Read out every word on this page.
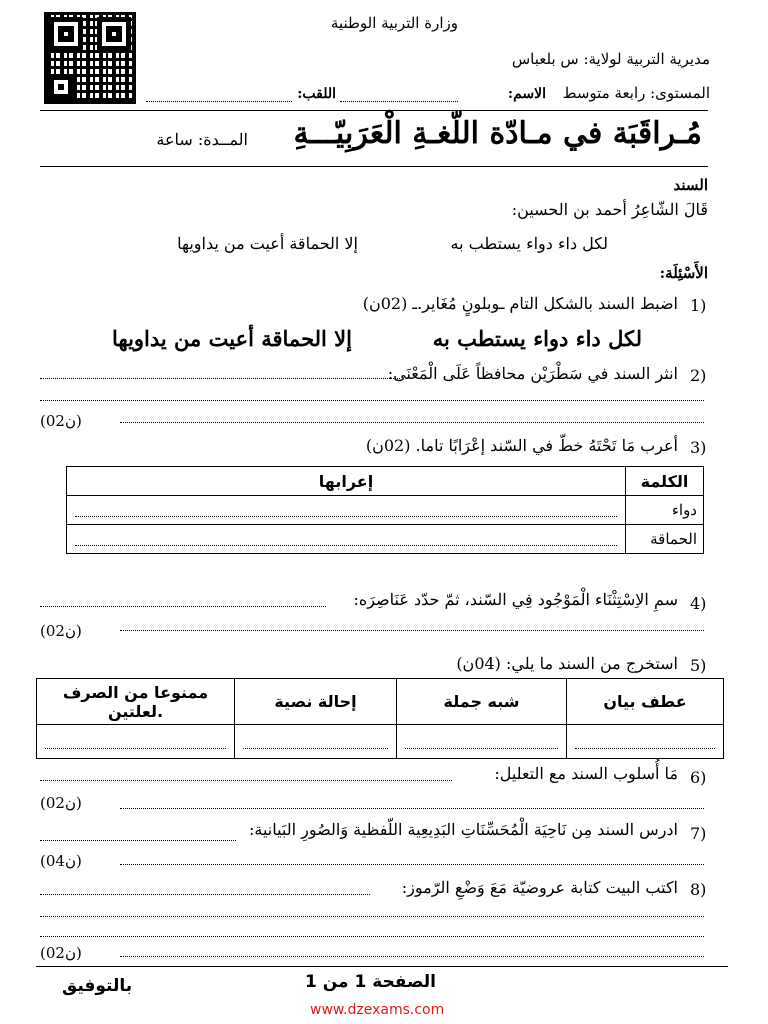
وزارة التربية الوطنية
مديرية التربية لولاية: س بلعباس
المستوى: رابعة متوسط
الاسم:
اللقب:
مُـراقَبَة في مـادّة اللّغـةِ الْعَرَبِيّـــةِ
المــدة: ساعة
السند
قَالَ الشّاعِرُ أحمد بن الحسين:
لكل داء دواء يستطب به
إلا الحماقة أعيت من يداويها
الأَسْئِلَة:
1)
اضبط السند بالشكل التام ـوبلونٍ مُغَاير.ـ (02ن)
لكل داء دواء يستطب به
إلا الحماقة أعيت من يداويها
2)
انثر السند في سَطْرَيْن محافظاً عَلَى الْمَعْنَى:
(02ن)
3)
أعرب مَا تَحْتَهُ خطّ في السّند إعْرَابًا تاما. (02ن)
إعرابها	الكلمة

	دواء

	الحماقة
4)
سمِ الاِسْتِثْنَاء الْمَوْجُود فِي السّند، ثمّ حدّد عَنَاصِرَه:
(02ن)
5)
استخرج من السند ما يلي: (04ن)
ممنوعا من الصرف لعلتين.	إحالة نصية	شبه جملة	عطف بيان

6)
مَا أُسلوب السند مع التعليل:
(02ن)
7)
ادرس السند مِن نَاحِيَة الْمُحَسِّنَاتِ البَدِيعِية اللّفظية وَالصُورِ البَيانية:
(04ن)
8)
اكتب البيت كتابة عروضيّة مَعَ وَضْعِ الرّموز:
(02ن)
الصفحة 1 من 1
بالتوفيق
www.dzexams.com
